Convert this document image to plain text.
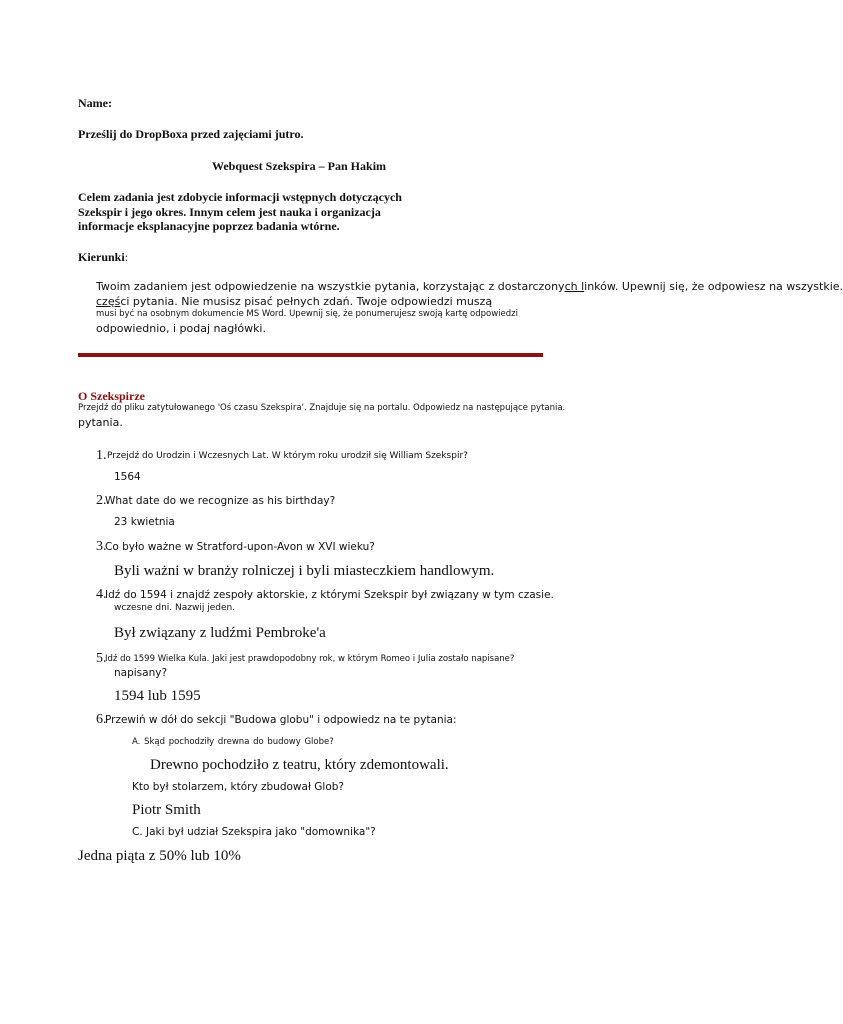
Name:
Prześlij do DropBoxa przed zajęciami jutro.
Webquest Szekspira – Pan Hakim
Celem zadania jest zdobycie informacji wstępnych dotyczących
Szekspir i jego okres. Innym celem jest nauka i organizacja
informacje eksplanacyjne poprzez badania wtórne.
Kierunki:
Twoim zadaniem jest odpowiedzenie na wszystkie pytania, korzystając z dostarczonych linków. Upewnij się, że odpowiesz na wszystkie.
części pytania. Nie musisz pisać pełnych zdań. Twoje odpowiedzi muszą
musi być na osobnym dokumencie MS Word. Upewnij się, że ponumerujesz swoją kartę odpowiedzi
odpowiednio, i podaj nagłówki.
O Szekspirze
Przejdź do pliku zatytułowanego 'Oś czasu Szekspira'. Znajduje się na portalu. Odpowiedz na następujące pytania.
pytania.
1. Przejdź do Urodzin i Wczesnych Lat. W którym roku urodził się William Szekspir?
1564
2.
What date do we recognize as his birthday?
23 kwietnia
3.
Co było ważne w Stratford-upon-Avon w XVI wieku?
Byli ważni w branży rolniczej i byli miasteczkiem handlowym.
4.
Idź do 1594 i znajdź zespoły aktorskie, z którymi Szekspir był związany w tym czasie.
wczesne dni. Nazwij jeden.
Był związany z ludźmi Pembroke'a
5.
Idź do 1599 Wielka Kula. Jaki jest prawdopodobny rok, w którym Romeo i Julia zostało napisane?
napisany?
1594 lub 1595
6.
Przewiń w dół do sekcji "Budowa globu" i odpowiedz na te pytania:
A. Skąd pochodziły drewna do budowy Globe?
Drewno pochodziło z teatru, który zdemontowali.
Kto był stolarzem, który zbudował Glob?
Piotr Smith
C. Jaki był udział Szekspira jako "domownika"?
Jedna piąta z 50% lub 10%
